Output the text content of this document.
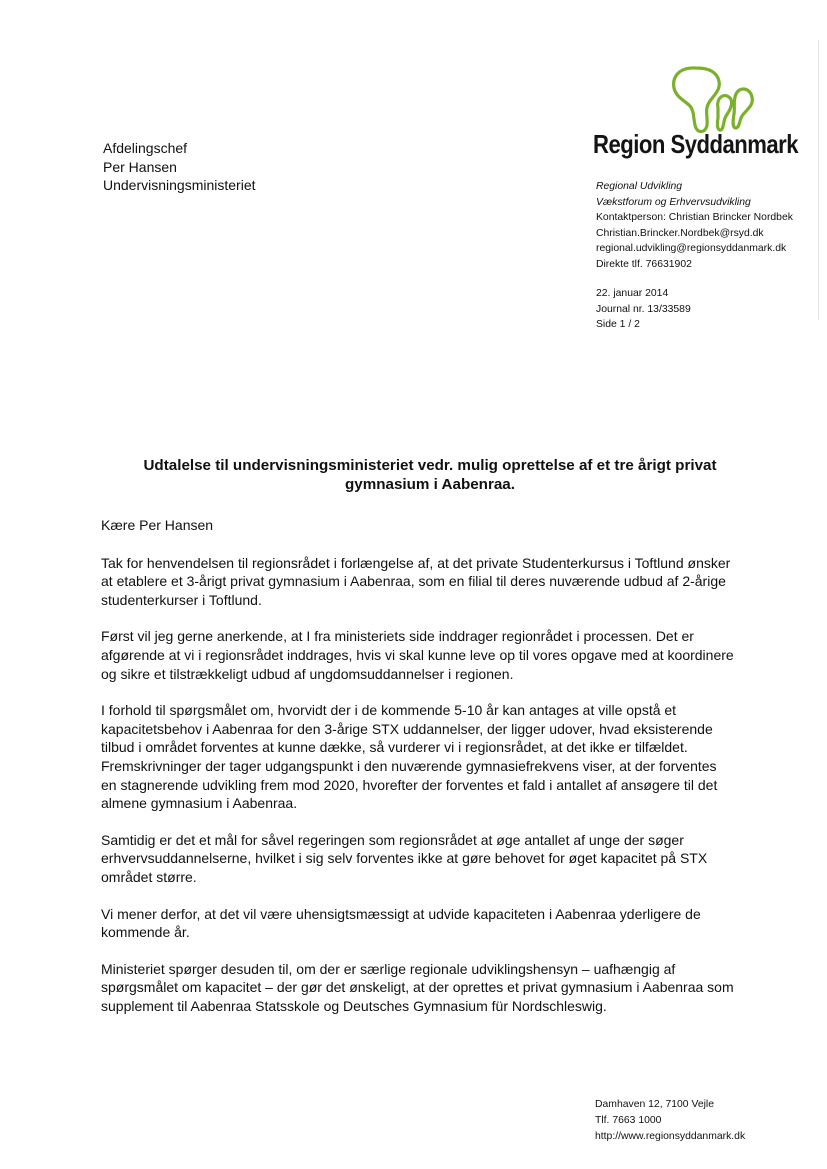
Afdelingschef
Per Hansen
Undervisningsministeriet
Region Syddanmark
Regional Udvikling
Vækstforum og Erhvervsudvikling
Kontaktperson: Christian Brincker Nordbek
Christian.Brincker.Nordbek@rsyd.dk
regional.udvikling@regionsyddanmark.dk
Direkte tlf. 76631902
22. januar 2014
Journal nr. 13/33589
Side 1 / 2
Udtalelse til undervisningsministeriet vedr. mulig oprettelse af et tre årigt privat
gymnasium i Aabenraa.

Kære Per Hansen

Tak for henvendelsen til regionsrådet i forlængelse af, at det private Studenterkursus i Toftlund ønsker
at etablere et 3-årigt privat gymnasium i Aabenraa, som en filial til deres nuværende udbud af 2-årige
studenterkurser i Toftlund.

Først vil jeg gerne anerkende, at I fra ministeriets side inddrager regionrådet i processen. Det er
afgørende at vi i regionsrådet inddrages, hvis vi skal kunne leve op til vores opgave med at koordinere
og sikre et tilstrækkeligt udbud af ungdomsuddannelser i regionen.

I forhold til spørgsmålet om, hvorvidt der i de kommende 5-10 år kan antages at ville opstå et
kapacitetsbehov i Aabenraa for den 3-årige STX uddannelser, der ligger udover, hvad eksisterende
tilbud i området forventes at kunne dække, så vurderer vi i regionsrådet, at det ikke er tilfældet.
Fremskrivninger der tager udgangspunkt i den nuværende gymnasiefrekvens viser, at der forventes
en stagnerende udvikling frem mod 2020, hvorefter der forventes et fald i antallet af ansøgere til det
almene gymnasium i Aabenraa.

Samtidig er det et mål for såvel regeringen som regionsrådet at øge antallet af unge der søger
erhvervsuddannelserne, hvilket i sig selv forventes ikke at gøre behovet for øget kapacitet på STX
området større.

Vi mener derfor, at det vil være uhensigtsmæssigt at udvide kapaciteten i Aabenraa yderligere de
kommende år.

Ministeriet spørger desuden til, om der er særlige regionale udviklingshensyn – uafhængig af
spørgsmålet om kapacitet – der gør det ønskeligt, at der oprettes et privat gymnasium i Aabenraa som
supplement til Aabenraa Statsskole og Deutsches Gymnasium für Nordschleswig.

Damhaven 12, 7100 Vejle
Tlf. 7663 1000
http://www.regionsyddanmark.dk
